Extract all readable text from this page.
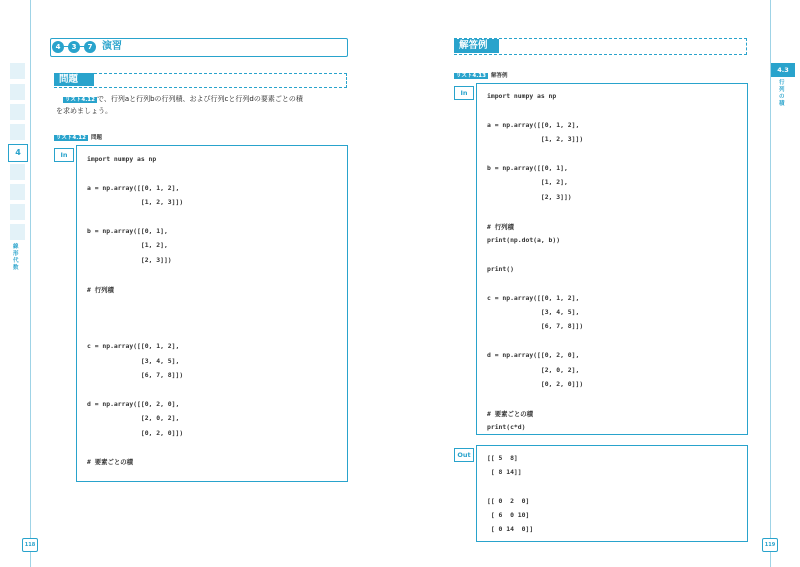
4
線形代数
4.3
行列の積
118	119
4	3	7 演習
問題
リスト4.12 で、行列aと行列bの行列積、および行列cと行列dの要素ごとの積
を求めましょう。
リスト4.12 問題
In	import numpy as np
a = np.array([[0, 1, 2],
[1, 2, 3]])
b = np.array([[0, 1],
[1, 2],
[2, 3]])
# 行列積
c = np.array([[0, 1, 2],
[3, 4, 5],
[6, 7, 8]])
d = np.array([[0, 2, 0],
[2, 0, 2],
[0, 2, 0]])
# 要素ごとの積
解答例
リスト4.13 解答例
In	import numpy as np
a = np.array([[0, 1, 2],
[1, 2, 3]])
b = np.array([[0, 1],
[1, 2],
[2, 3]])
# 行列積
print(np.dot(a, b))
print()
c = np.array([[0, 1, 2],
[3, 4, 5],
[6, 7, 8]])
d = np.array([[0, 2, 0],
[2, 0, 2],
[0, 2, 0]])
# 要素ごとの積
print(c*d)
Out	[[ 5  8]
[ 8 14]]
[[ 0  2  0]
[ 6  0 10]
[ 0 14  0]]
